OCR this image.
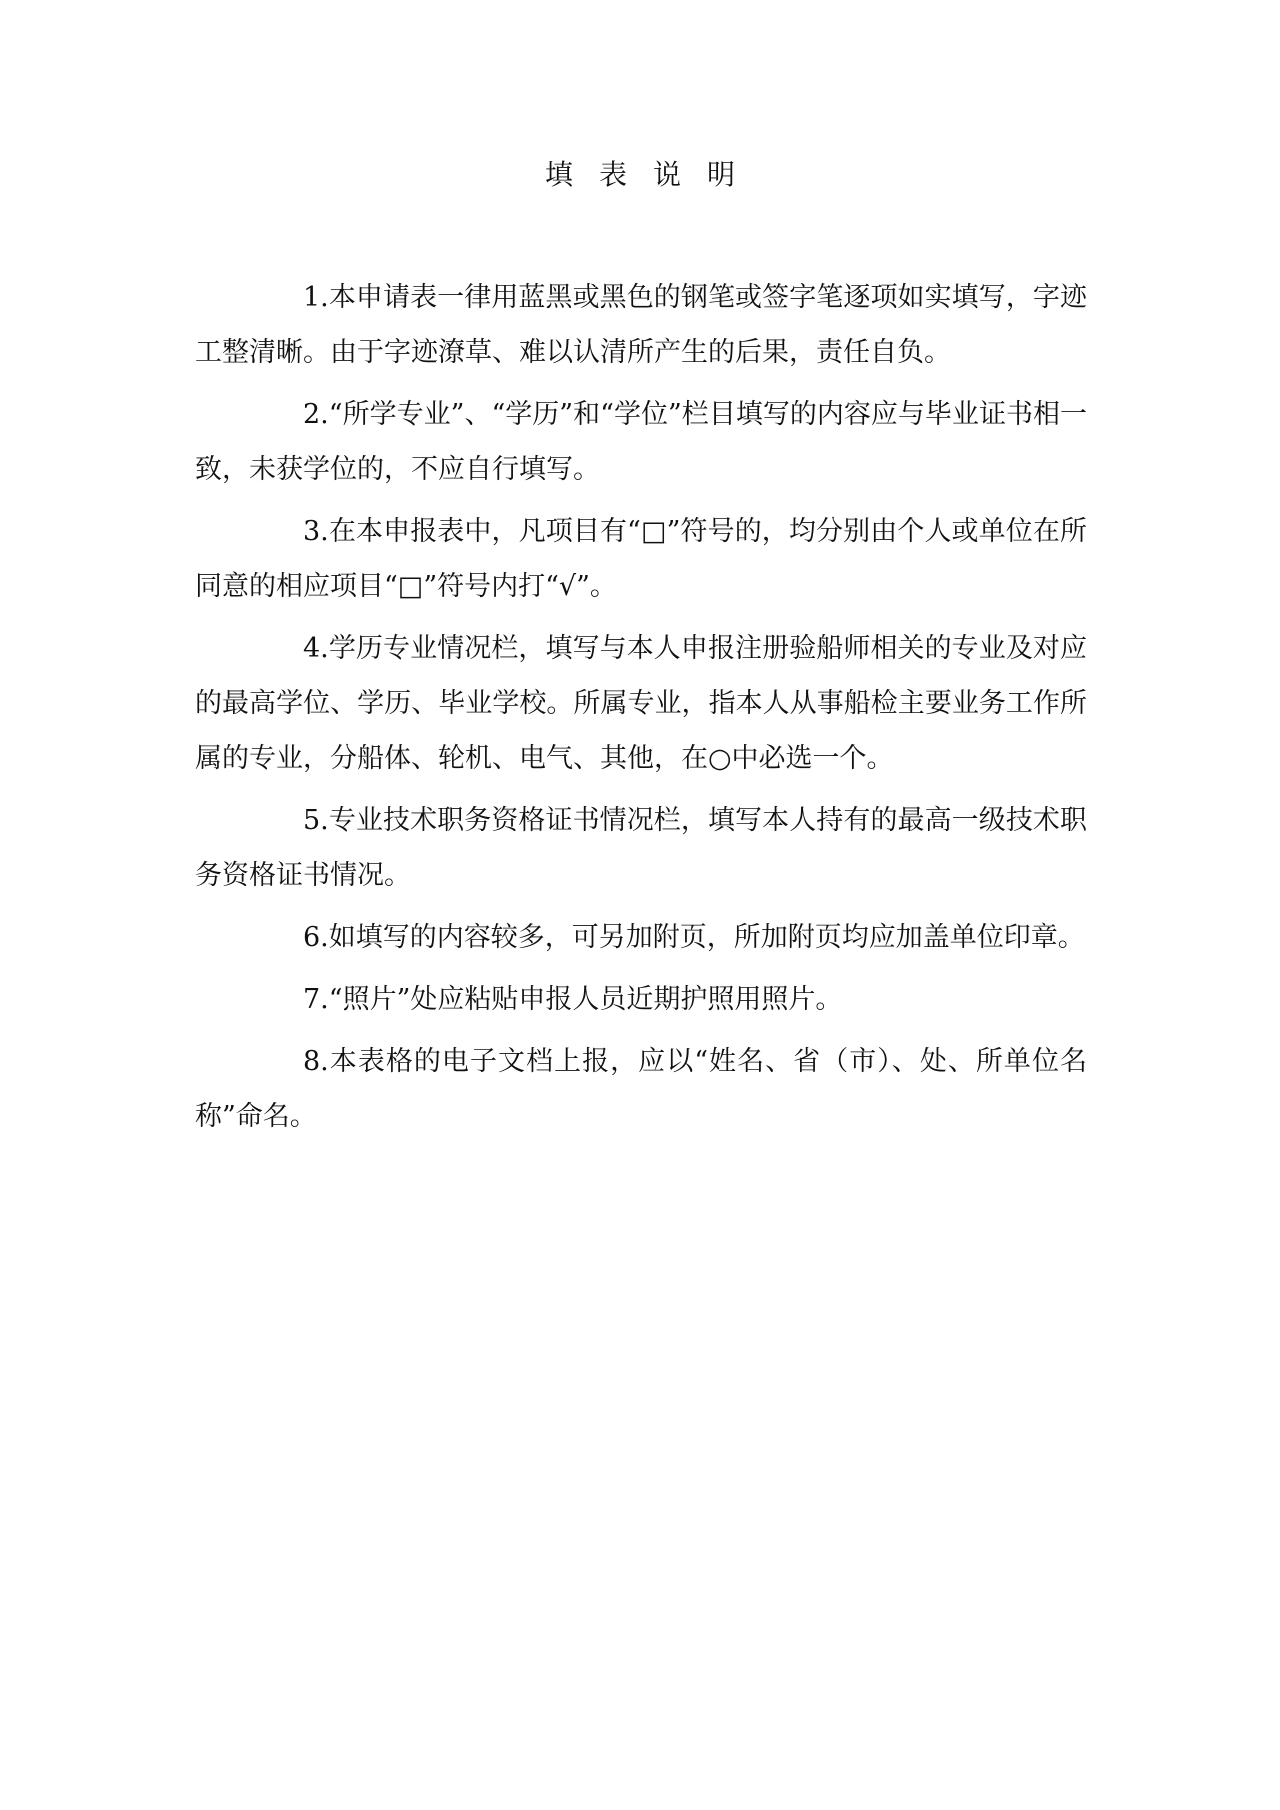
填表说明

1.本申请表一律用蓝黑或黑色的钢笔或签字笔逐项如实填写，字迹工整清晰。由于字迹潦草、难以认清所产生的后果，责任自负。

2.“所学专业”、“学历”和“学位”栏目填写的内容应与毕业证书相一致，未获学位的，不应自行填写。

3.在本申报表中，凡项目有“□”符号的，均分别由个人或单位在所同意的相应项目“□”符号内打“√”。

4.学历专业情况栏，填写与本人申报注册验船师相关的专业及对应的最高学位、学历、毕业学校。所属专业，指本人从事船检主要业务工作所属的专业，分船体、轮机、电气、其他，在○中必选一个。

5.专业技术职务资格证书情况栏，填写本人持有的最高一级技术职务资格证书情况。

6.如填写的内容较多，可另加附页，所加附页均应加盖单位印章。

7.“照片”处应粘贴申报人员近期护照用照片。

8.本表格的电子文档上报，应以“姓名、省（市）、处、所单位名称”命名。
